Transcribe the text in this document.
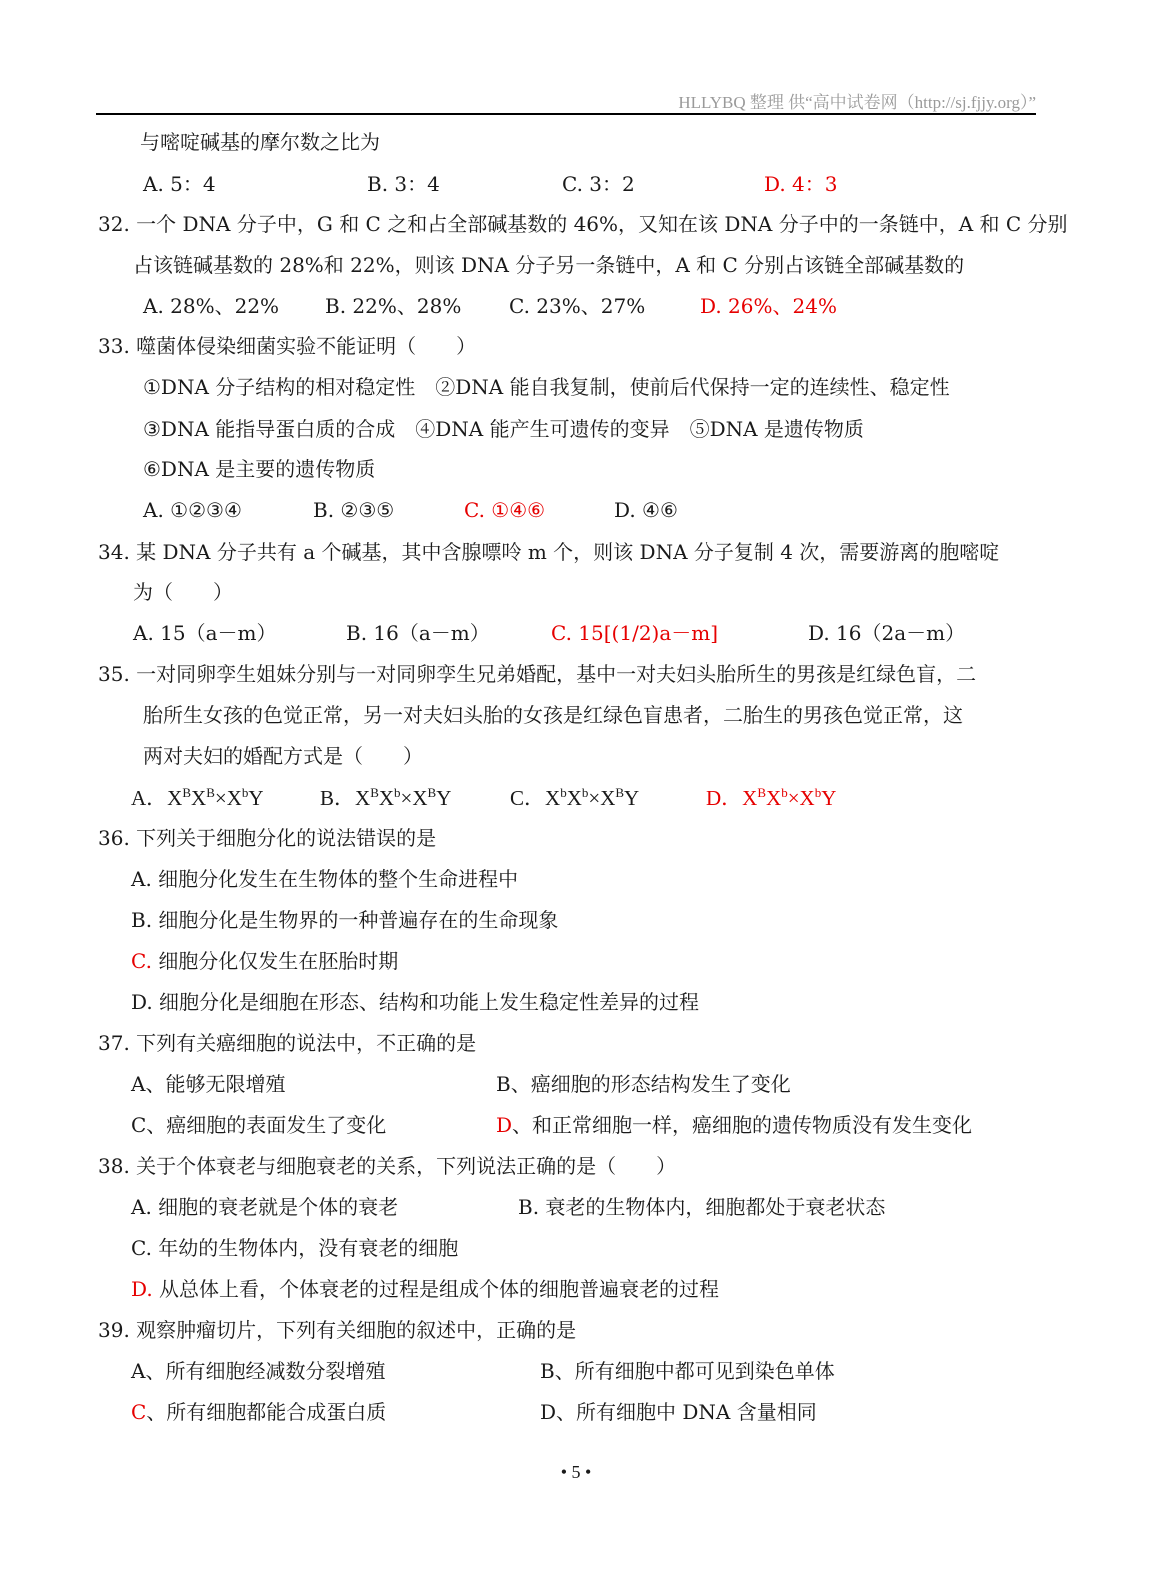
HLLYBQ 整理 供“高中试卷网（http://sj.fjjy.org）”
与嘧啶碱基的摩尔数之比为
A. 5：4	B. 3：4	C. 3：2	D. 4：3
32. 一个 DNA 分子中，G 和 C 之和占全部碱基数的 46%，又知在该 DNA 分子中的一条链中，A 和 C 分别
占该链碱基数的 28%和 22%，则该 DNA 分子另一条链中，A 和 C 分别占该链全部碱基数的
A. 28%、22% B. 22%、28% C. 23%、27%	D. 26%、24%
33. 噬菌体侵染细菌实验不能证明（　　）
①DNA 分子结构的相对稳定性　②DNA 能自我复制，使前后代保持一定的连续性、稳定性
③DNA 能指导蛋白质的合成　④DNA 能产生可遗传的变异　⑤DNA 是遗传物质
⑥DNA 是主要的遗传物质
A. ①②③④	B. ②③⑤	C. ①④⑥	D. ④⑥
34. 某 DNA 分子共有 a 个碱基，其中含腺嘌呤 m 个，则该 DNA 分子复制 4 次，需要游离的胞嘧啶
为（　　）
A. 15（a－m）	B. 16（a－m）	C. 15[(1/2)a－m]	D. 16（2a－m）
35. 一对同卵孪生姐妹分别与一对同卵孪生兄弟婚配，基中一对夫妇头胎所生的男孩是红绿色盲，二
胎所生女孩的色觉正常，另一对夫妇头胎的女孩是红绿色盲患者，二胎生的男孩色觉正常，这
两对夫妇的婚配方式是（　　）
A．$X^BX^B\times X^bY$	B．$X^BX^b\times X^BY$	C．$X^bX^b\times X^BY$	D．$X^BX^b\times X^bY$
36. 下列关于细胞分化的说法错误的是
A. 细胞分化发生在生物体的整个生命进程中
B. 细胞分化是生物界的一种普遍存在的生命现象
C. 细胞分化仅发生在胚胎时期
D. 细胞分化是细胞在形态、结构和功能上发生稳定性差异的过程
37. 下列有关癌细胞的说法中，不正确的是
A、能够无限增殖	B、癌细胞的形态结构发生了变化
C、癌细胞的表面发生了变化	D、和正常细胞一样，癌细胞的遗传物质没有发生变化
38. 关于个体衰老与细胞衰老的关系，下列说法正确的是（　　）
A. 细胞的衰老就是个体的衰老	B. 衰老的生物体内，细胞都处于衰老状态
C. 年幼的生物体内，没有衰老的细胞
D. 从总体上看，个体衰老的过程是组成个体的细胞普遍衰老的过程
39. 观察肿瘤切片，下列有关细胞的叙述中，正确的是
A、所有细胞经减数分裂增殖	B、所有细胞中都可见到染色单体
C、所有细胞都能合成蛋白质	D、所有细胞中 DNA 含量相同
• 5 •
